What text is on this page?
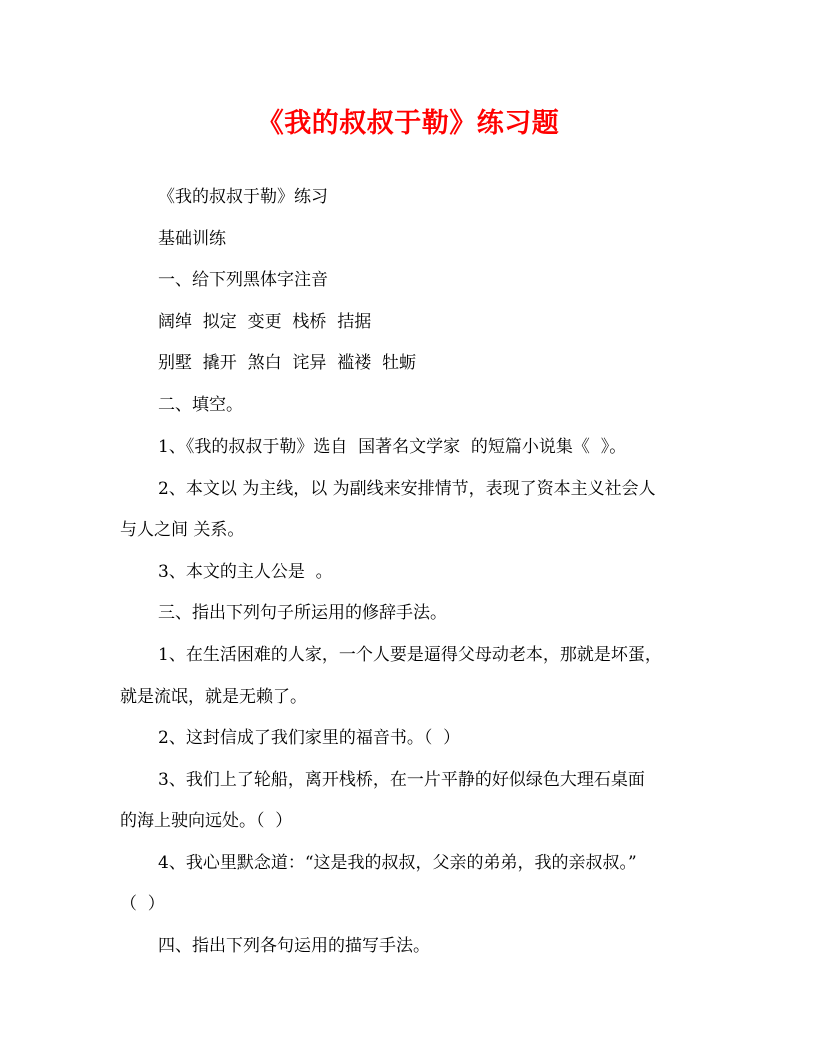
《我的叔叔于勒》练习题
《我的叔叔于勒》练习
基础训练
一、给下列黑体字注音
阔绰  拟定  变更  栈桥  拮据
别墅  撬开  煞白  诧异  褴褛  牡蛎
二、填空。
1、《我的叔叔于勒》选自  国著名文学家  的短篇小说集《  》。
2、本文以 为主线，以 为副线来安排情节，表现了资本主义社会人
与人之间 关系。
3、本文的主人公是  。
三、指出下列句子所运用的修辞手法。
1、在生活困难的人家，一个人要是逼得父母动老本，那就是坏蛋，
就是流氓，就是无赖了。
2、这封信成了我们家里的福音书。（  ）
3、我们上了轮船，离开栈桥，在一片平静的好似绿色大理石桌面
的海上驶向远处。（  ）
4、我心里默念道：“这是我的叔叔，父亲的弟弟，我的亲叔叔。”
（  ）
四、指出下列各句运用的描写手法。
